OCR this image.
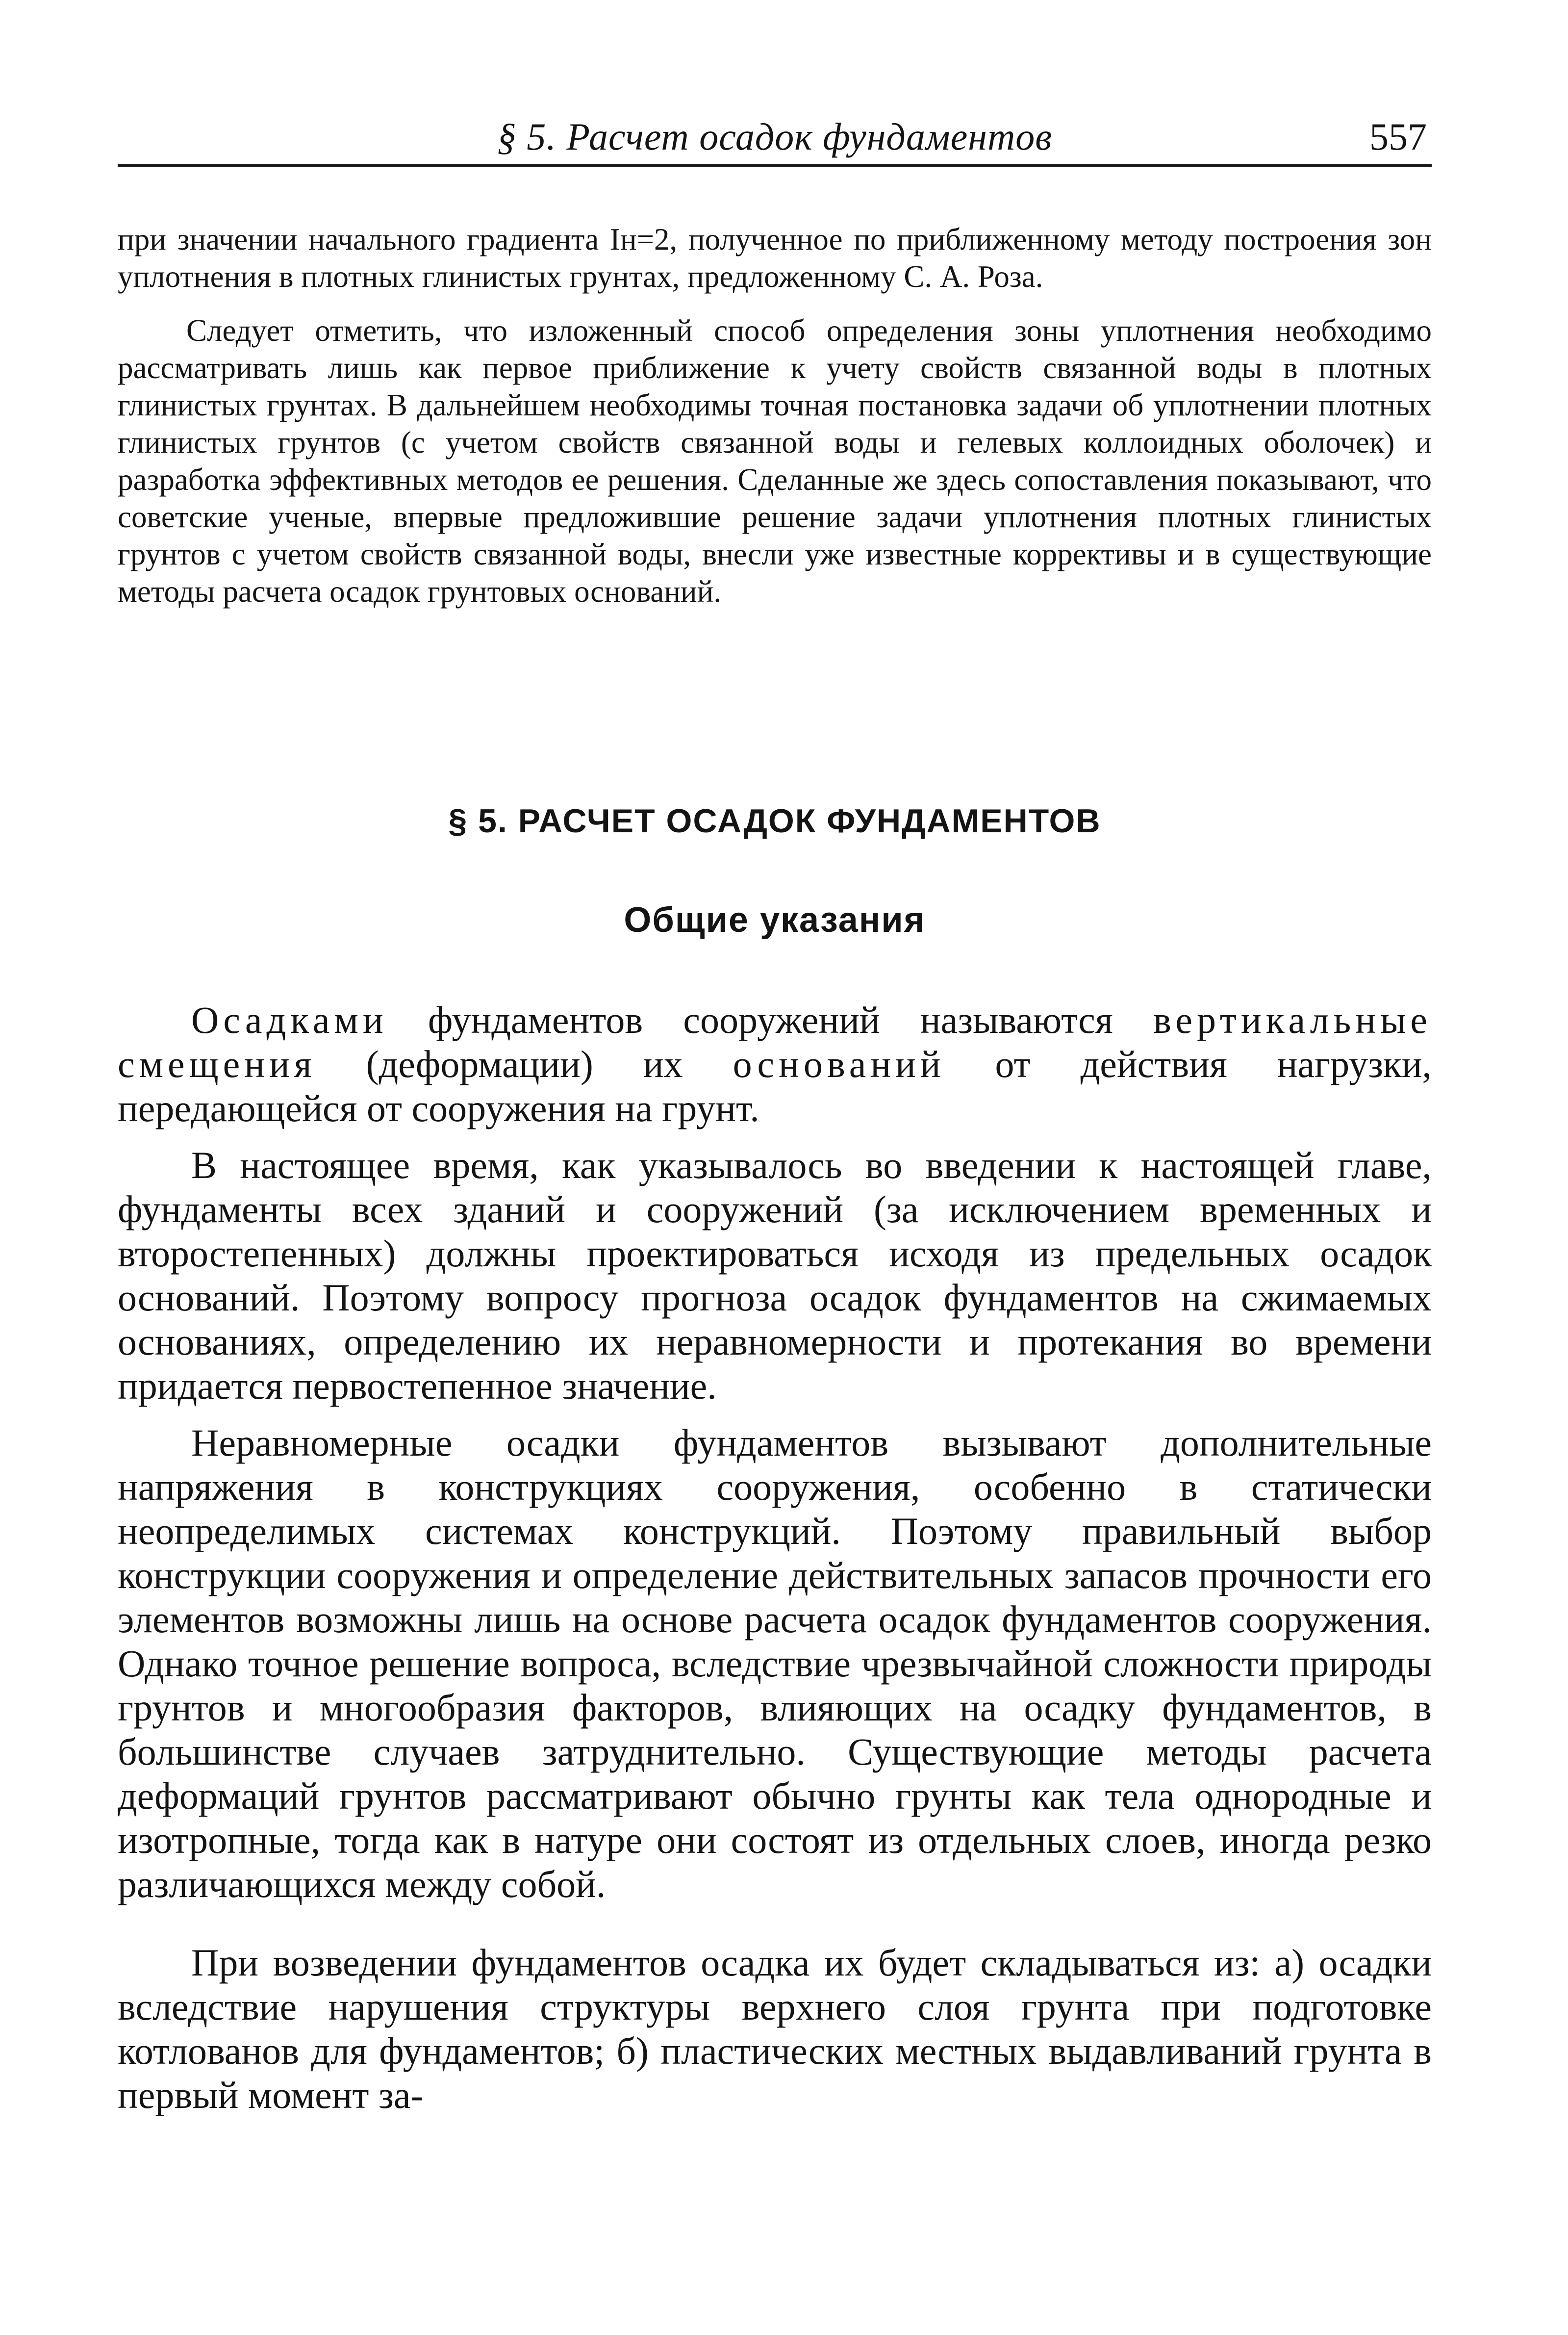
§ 5. Расчет осадок фундаментов	557

при значении начального градиента Iн=2, полученное по приближенному методу построения зон уплотнения в плотных глинистых грунтах, предложенному С. А. Роза.

Следует отметить, что изложенный способ определения зоны уплотнения необходимо рассматривать лишь как первое приближение к учету свойств связанной воды в плотных глинистых грунтах. В дальнейшем необходимы точная постановка задачи об уплотнении плотных глинистых грунтов (с учетом свойств связанной воды и гелевых коллоидных оболочек) и разработка эффективных методов ее решения. Сделанные же здесь сопоставления показывают, что советские ученые, впервые предложившие решение задачи уплотнения плотных глинистых грунтов с учетом свойств связанной воды, внесли уже известные коррективы и в существующие методы расчета осадок грунтовых оснований.

§ 5. РАСЧЕТ ОСАДОК ФУНДАМЕНТОВ
Общие указания

Осадками фундаментов сооружений называются вертикальные смещения (деформации) их оснований от действия нагрузки, передающейся от сооружения на грунт.

В настоящее время, как указывалось во введении к настоящей главе, фундаменты всех зданий и сооружений (за исключением временных и второстепенных) должны проектироваться исходя из предельных осадок оснований. Поэтому вопросу прогноза осадок фундаментов на сжимаемых основаниях, определению их неравномерности и протекания во времени придается первостепенное значение.

Неравномерные осадки фундаментов вызывают дополнительные напряжения в конструкциях сооружения, особенно в статически неопределимых системах конструкций. Поэтому правильный выбор конструкции сооружения и определение действительных запасов прочности его элементов возможны лишь на основе расчета осадок фундаментов сооружения. Однако точное решение вопроса, вследствие чрезвычайной сложности природы грунтов и многообразия факторов, влияющих на осадку фундаментов, в большинстве случаев затруднительно. Существующие методы расчета деформаций грунтов рассматривают обычно грунты как тела однородные и изотропные, тогда как в натуре они состоят из отдельных слоев, иногда резко различающихся между собой.

При возведении фундаментов осадка их будет складываться из: а) осадки вследствие нарушения структуры верхнего слоя грунта при подготовке котлованов для фундаментов; б) пластических местных выдавливаний грунта в первый момент за-
